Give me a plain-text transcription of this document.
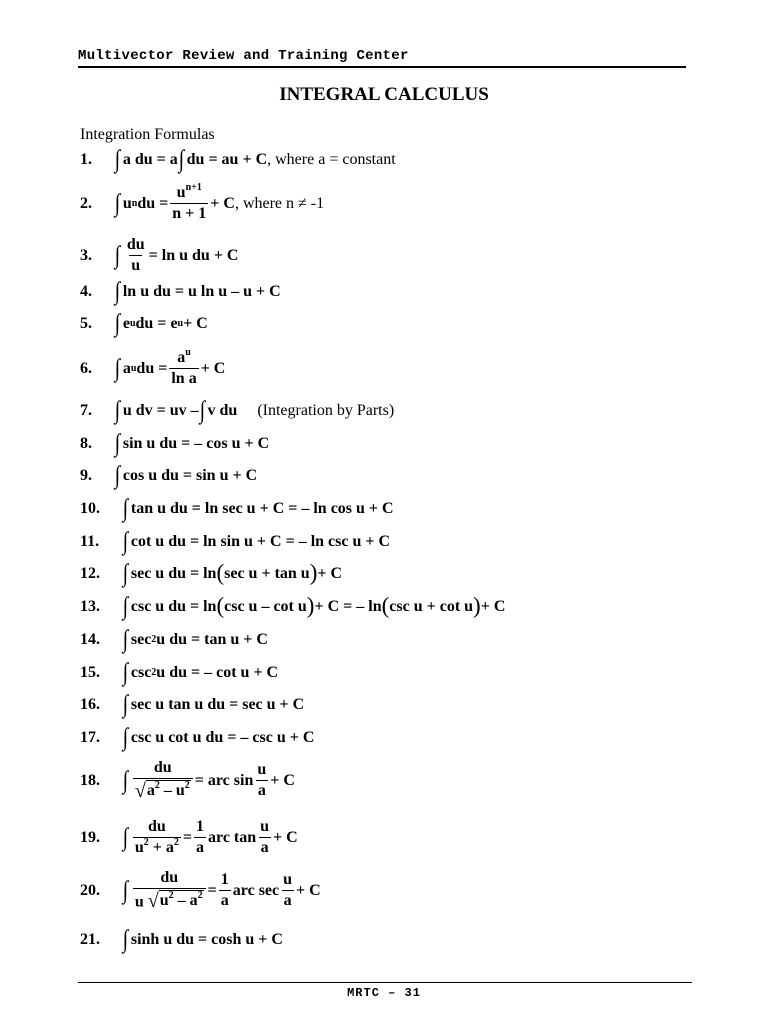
Multivector Review and Training Center
INTEGRAL CALCULUS
Integration Formulas
1. ∫ a du = a ∫ du = au + C , where a = constant
2. ∫ u n du = $\frac{u^{n+1}}{n + 1} + C$ , where n ≠ -1
3. ∫ $\frac{du}{u} = \ln u$ du + C
4. ∫ ln u du = u ln u – u + C
5. ∫ e u du = e u + C
6. ∫ a u du = $\frac{a^u}{\text{ln a}} + C$
7. ∫ u dv = uv – ∫ v du (Integration by Parts)
8. ∫ sin u du = – cos u + C
9. ∫ cos u du = sin u + C
10. ∫ tan u du = ln sec u + C = – ln cos u + C
11. ∫ cot u du = ln sin u + C = – ln csc u + C
12. ∫ sec u du = ln ( sec u + tan u ) + C
13. ∫ csc u du = ln ( csc u – cot u ) + C = – ln ( csc u + cot u ) + C
14. ∫ sec 2 u du = tan u + C
15. ∫ csc 2 u du = – cot u + C
16. ∫ sec u tan u du = sec u + C
17. ∫ csc u cot u du = – csc u + C
18. ∫ $\frac{du}{√ a^2 - u^2}$ = arc $\sin \frac{u}{a} + C$
19. ∫ $\frac{du}{u^2 + a^2} = \frac{1}{a}$ arc $\tan \frac{u}{a} + C$
20. ∫ $\frac{du}{u √ u^2 - a^2} = \frac{1}{a}$ arc $\sec \frac{u}{a} + C$
21. ∫ sinh u du = cosh u + C
MRTC – 31
